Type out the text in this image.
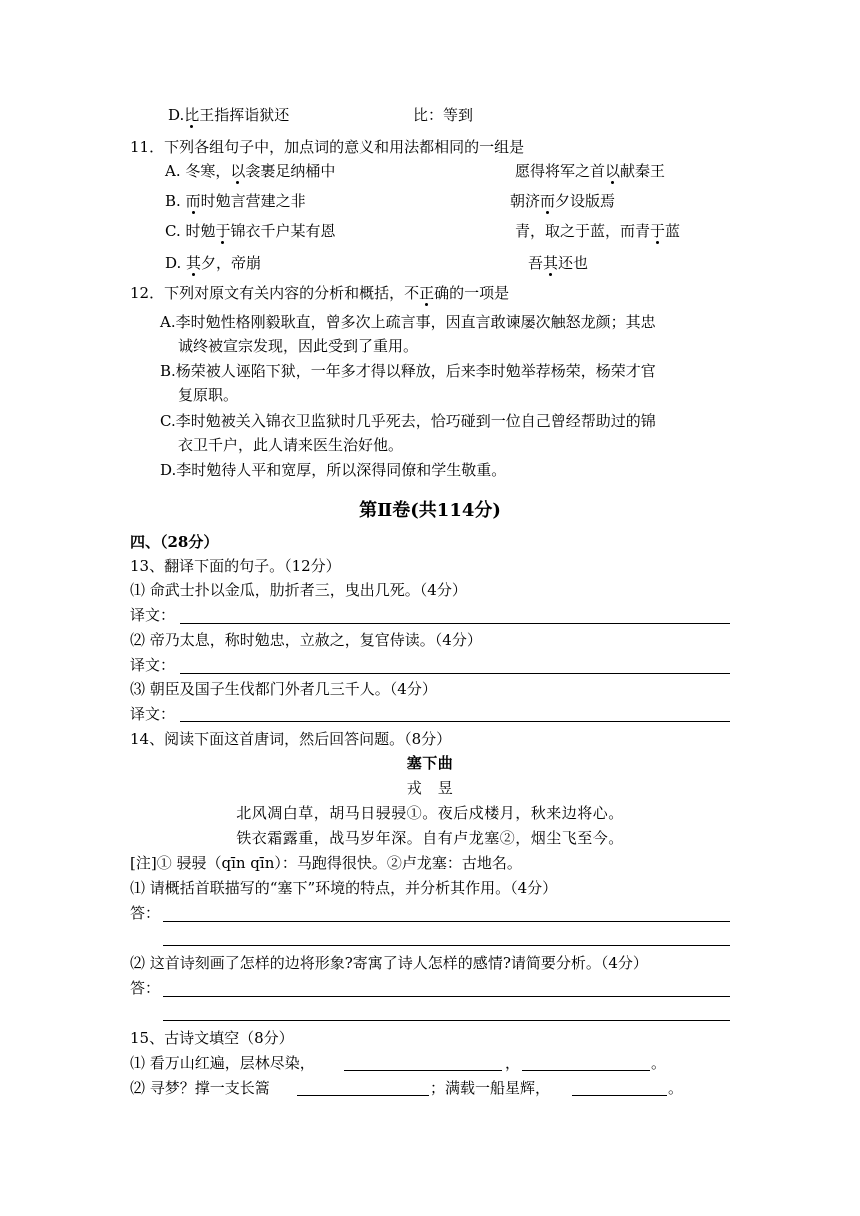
D.比王指挥诣狱还	比：等到
11．下列各组句子中，加点词的意义和用法都相同的一组是
A. 冬寒，以衾裹足纳桶中	愿得将军之首以献秦王
B. 而时勉言营建之非	朝济而夕设版焉
C. 时勉于锦衣千户某有恩	青，取之于蓝，而青于蓝
D. 其夕，帝崩	吾其还也
12．下列对原文有关内容的分析和概括，不正确的一项是
A.李时勉性格刚毅耿直，曾多次上疏言事，因直言敢谏屡次触怒龙颜；其忠
诚终被宣宗发现，因此受到了重用。
B.杨荣被人诬陷下狱，一年多才得以释放，后来李时勉举荐杨荣，杨荣才官
复原职。
C.李时勉被关入锦衣卫监狱时几乎死去，恰巧碰到一位自己曾经帮助过的锦
衣卫千户，此人请来医生治好他。
D.李时勉待人平和宽厚，所以深得同僚和学生敬重。
第Ⅱ卷(共114分)
四、（28分）
13、翻译下面的句子。（12分）
⑴ 命武士扑以金瓜，肋折者三，曳出几死。（4分）
译文：
⑵ 帝乃太息，称时勉忠，立赦之，复官侍读。（4分）
译文：
⑶ 朝臣及国子生伐都门外者几三千人。（4分）
译文：
14、阅读下面这首唐词，然后回答问题。（8分）
塞下曲
戎　昱
北风凋白草，胡马日骎骎①。夜后戍楼月，秋来边将心。
铁衣霜露重，战马岁年深。自有卢龙塞②，烟尘飞至今。
[注]① 骎骎（qīn qīn）：马跑得很快。②卢龙塞：古地名。
⑴ 请概括首联描写的“塞下”环境的特点，并分析其作用。（4分）
答：
⑵ 这首诗刻画了怎样的边将形象?寄寓了诗人怎样的感情?请简要分析。（4分）
答：
15、古诗文填空（8分）
⑴ 看万山红遍，层林尽染，	，	。
⑵ 寻梦？撑一支长篙	；满载一船星辉，	。
